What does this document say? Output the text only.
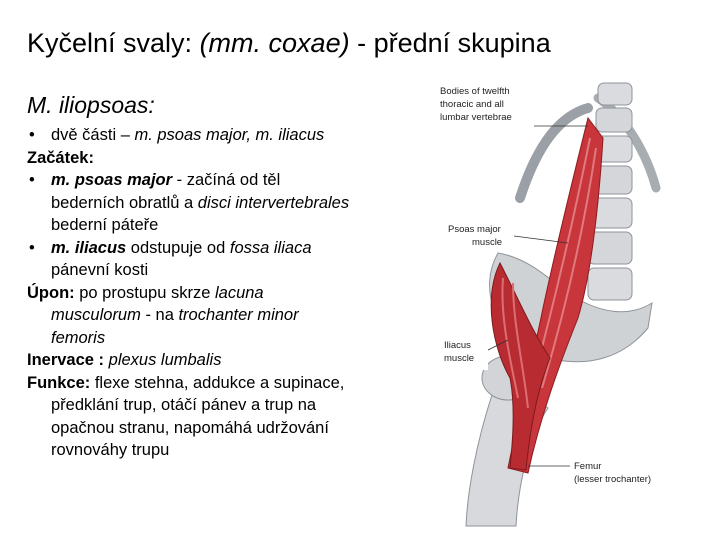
Kyčelní svaly: (mm. coxae) - přední skupina
M. iliopsoas:
• dvě části – m. psoas major, m. iliacus
Začátek:
• m. psoas major - začíná od těl
bederních obratlů a disci intervertebrales
bederní páteře
• m. iliacus odstupuje od fossa iliaca
pánevní kosti
Úpon: po prostupu skrze lacuna
musculorum - na trochanter minor
femoris
Inervace : plexus lumbalis
Funkce: flexe stehna, addukce a supinace,
předklání trup, otáčí pánev a trup na
opačnou stranu, napomáhá udržování
rovnováhy trupu
Bodies of twelfth
thoracic and all
lumbar vertebrae
Psoas major
muscle
Iliacus
muscle
Femur
(lesser trochanter)
